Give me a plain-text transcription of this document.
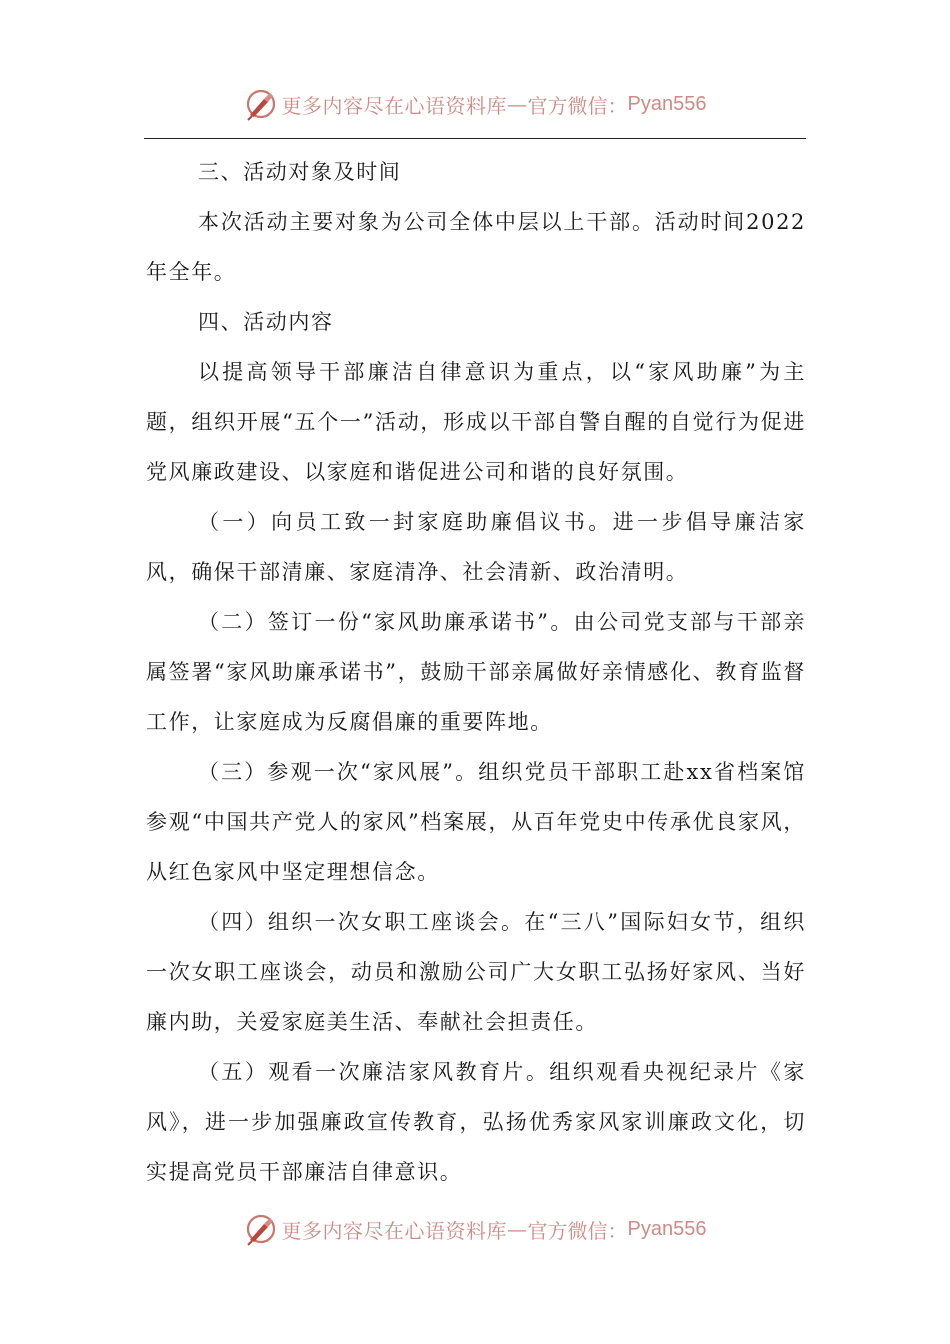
更多内容尽在心语资料库 — 官方微信： Pyan556

三、活动对象及时间

本次活动主要对象为公司全体中层以上干部。活动时间2022年全年。

四、活动内容

以提高领导干部廉洁自律意识为重点，以“家风助廉”为主题，组织开展“五个一”活动，形成以干部自警自醒的自觉行为促进党风廉政建设、以家庭和谐促进公司和谐的良好氛围。

（一）向员工致一封家庭助廉倡议书。进一步倡导廉洁家风，确保干部清廉、家庭清净、社会清新、政治清明。

（二）签订一份“家风助廉承诺书”。由公司党支部与干部亲属签署“家风助廉承诺书”，鼓励干部亲属做好亲情感化、教育监督工作，让家庭成为反腐倡廉的重要阵地。

（三）参观一次“家风展”。组织党员干部职工赴xx省档案馆参观“中国共产党人的家风”档案展，从百年党史中传承优良家风，从红色家风中坚定理想信念。

（四）组织一次女职工座谈会。在“三八”国际妇女节，组织一次女职工座谈会，动员和激励公司广大女职工弘扬好家风、当好廉内助，关爱家庭美生活、奉献社会担责任。

（五）观看一次廉洁家风教育片。组织观看央视纪录片《家风》，进一步加强廉政宣传教育，弘扬优秀家风家训廉政文化，切实提高党员干部廉洁自律意识。

更多内容尽在心语资料库 — 官方微信： Pyan556
